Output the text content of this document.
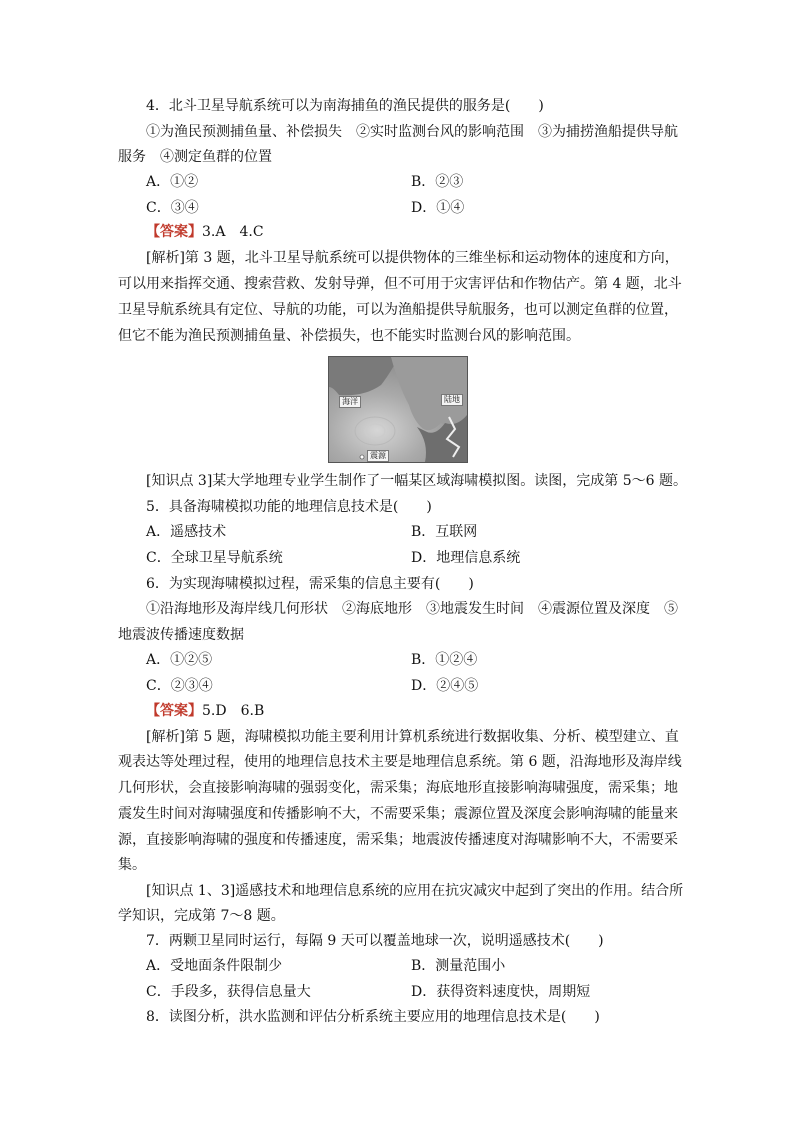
4．北斗卫星导航系统可以为南海捕鱼的渔民提供的服务是(　　)
①为渔民预测捕鱼量、补偿损失　②实时监测台风的影响范围　③为捕捞渔船提供导航
服务　④测定鱼群的位置
A．①②	B．②③
C．③④	D．①④
【答案】3.A　4.C
[解析]第 3 题，北斗卫星导航系统可以提供物体的三维坐标和运动物体的速度和方向，
可以用来指挥交通、搜索营救、发射导弹，但不可用于灾害评估和作物估产。第 4 题，北斗
卫星导航系统具有定位、导航的功能，可以为渔船提供导航服务，也可以测定鱼群的位置，
但它不能为渔民预测捕鱼量、补偿损失，也不能实时监测台风的影响范围。
海洋	陆地
震源
[知识点 3]某大学地理专业学生制作了一幅某区域海啸模拟图。读图，完成第 5～6 题。
5．具备海啸模拟功能的地理信息技术是(　　)
A．遥感技术	B．互联网
C．全球卫星导航系统	D．地理信息系统
6．为实现海啸模拟过程，需采集的信息主要有(　　)
①沿海地形及海岸线几何形状　②海底地形　③地震发生时间　④震源位置及深度　⑤
地震波传播速度数据
A．①②⑤	B．①②④
C．②③④	D．②④⑤
【答案】5.D　6.B
[解析]第 5 题，海啸模拟功能主要利用计算机系统进行数据收集、分析、模型建立、直
观表达等处理过程，使用的地理信息技术主要是地理信息系统。第 6 题，沿海地形及海岸线
几何形状，会直接影响海啸的强弱变化，需采集；海底地形直接影响海啸强度，需采集；地
震发生时间对海啸强度和传播影响不大，不需要采集；震源位置及深度会影响海啸的能量来
源，直接影响海啸的强度和传播速度，需采集；地震波传播速度对海啸影响不大，不需要采
集。
[知识点 1、3]遥感技术和地理信息系统的应用在抗灾减灾中起到了突出的作用。结合所
学知识，完成第 7～8 题。
7．两颗卫星同时运行，每隔 9 天可以覆盖地球一次，说明遥感技术(　　)
A．受地面条件限制少	B．测量范围小
C．手段多，获得信息量大	D．获得资料速度快，周期短
8．读图分析，洪水监测和评估分析系统主要应用的地理信息技术是(　　)
